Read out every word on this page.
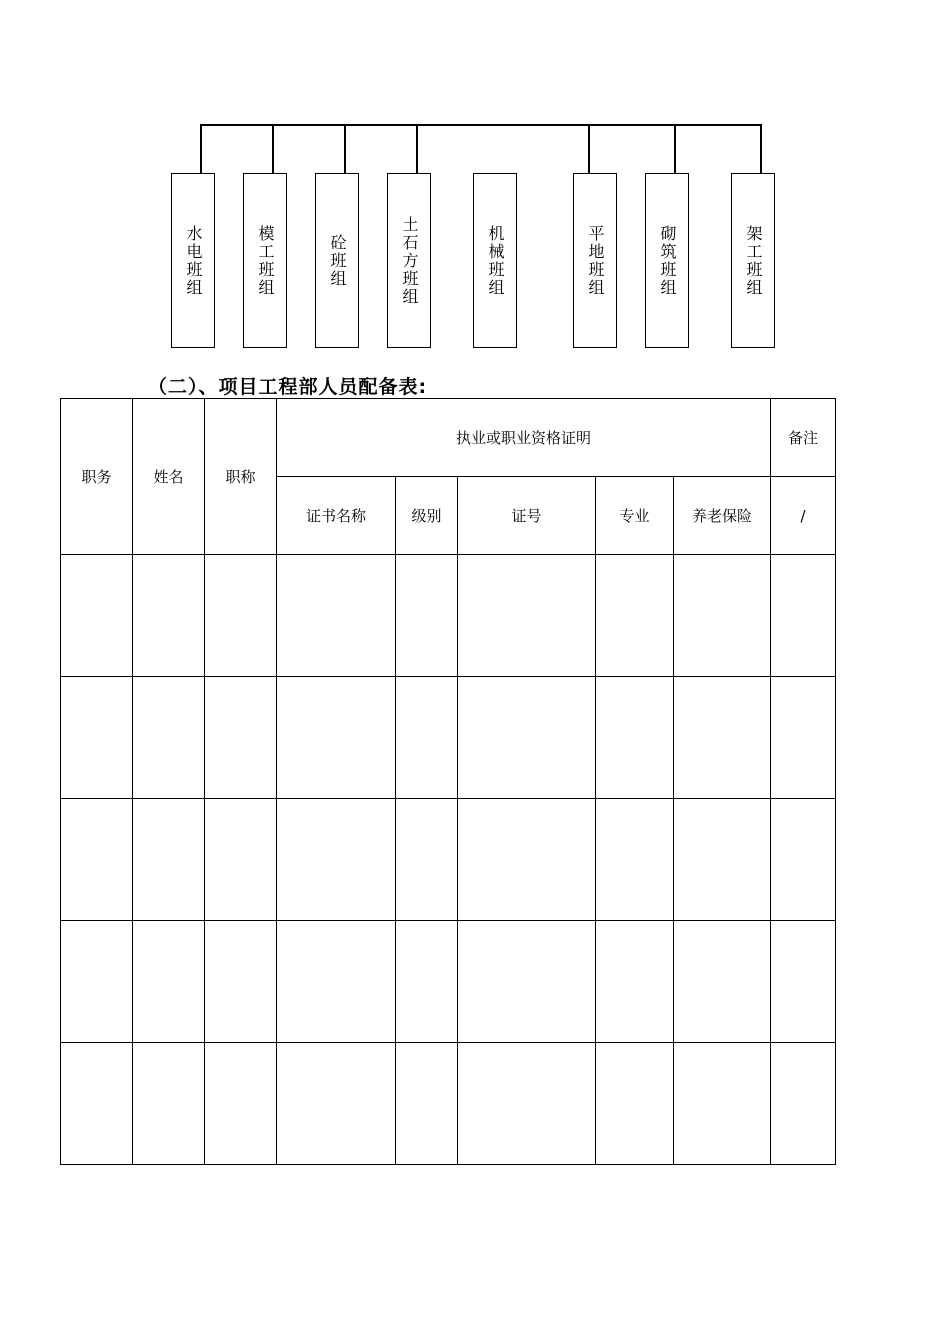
水电班组	模工班组	砼班组	土石方班组	机械班组	平地班组	砌筑班组	架工班组
（二）、项目工程部人员配备表:
职务	姓名	职称	执业或职业资格证明					备注
			证书名称	级别	证号	专业	养老保险	/
